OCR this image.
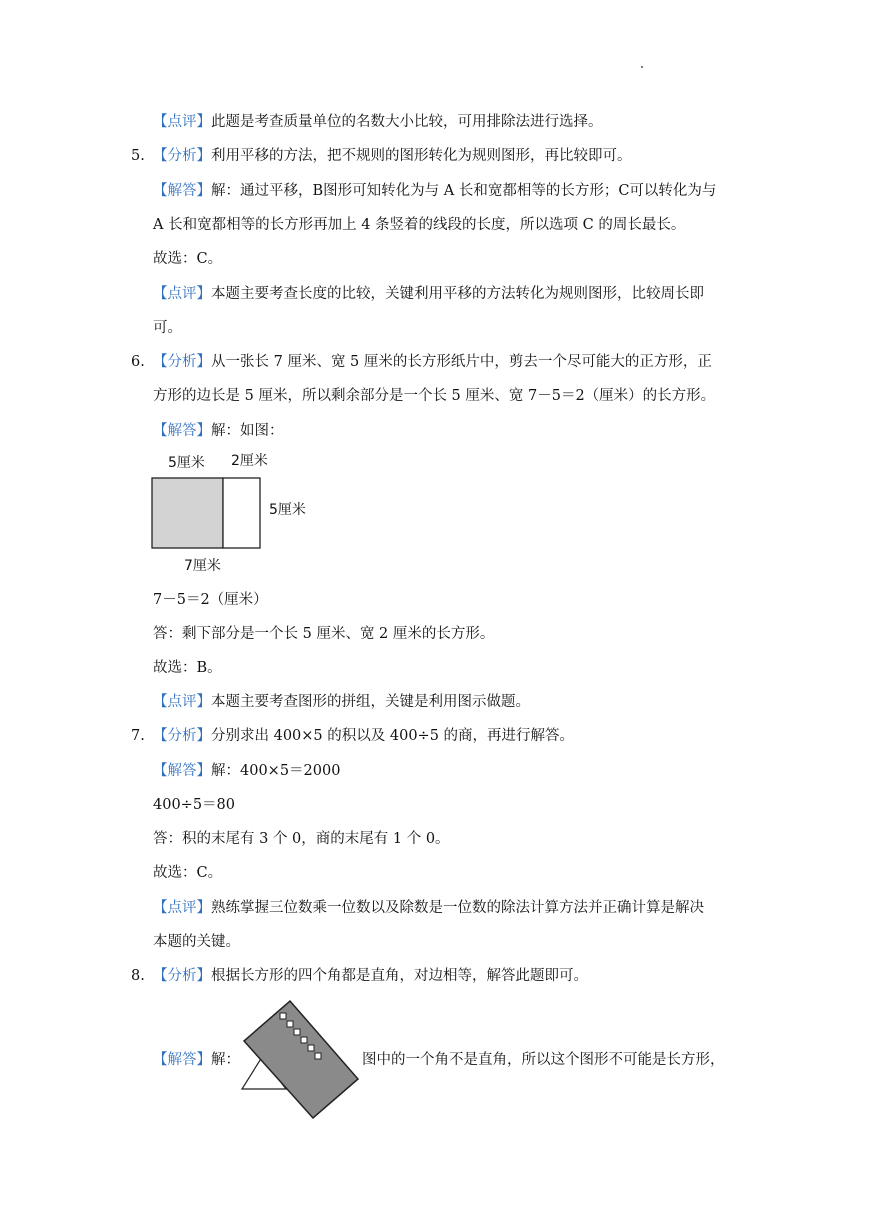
【点评】此题是考查质量单位的名数大小比较，可用排除法进行选择。
5. 【分析】利用平移的方法，把不规则的图形转化为规则图形，再比较即可。
【解答】解：通过平移，B图形可知转化为与 A 长和宽都相等的长方形；C可以转化为与
A 长和宽都相等的长方形再加上 4 条竖着的线段的长度，所以选项 C 的周长最长。
故选：C。
【点评】本题主要考查长度的比较，关键利用平移的方法转化为规则图形，比较周长即
可。
6. 【分析】从一张长 7 厘米、宽 5 厘米的长方形纸片中，剪去一个尽可能大的正方形，正
方形的边长是 5 厘米，所以剩余部分是一个长 5 厘米、宽 7－5＝2（厘米）的长方形。
【解答】解：如图：
5厘米 2厘米
5厘米
7厘米
7－5＝2（厘米）
答：剩下部分是一个长 5 厘米、宽 2 厘米的长方形。
故选：B。
【点评】本题主要考查图形的拼组，关键是利用图示做题。
7. 【分析】分别求出 400×5 的积以及 400÷5 的商，再进行解答。
【解答】解：400×5＝2000
400÷5＝80
答：积的末尾有 3 个 0，商的末尾有 1 个 0。
故选：C。
【点评】熟练掌握三位数乘一位数以及除数是一位数的除法计算方法并正确计算是解决
本题的关键。
8. 【分析】根据长方形的四个角都是直角，对边相等，解答此题即可。
【解答】解：	图中的一个角不是直角，所以这个图形不可能是长方形，
